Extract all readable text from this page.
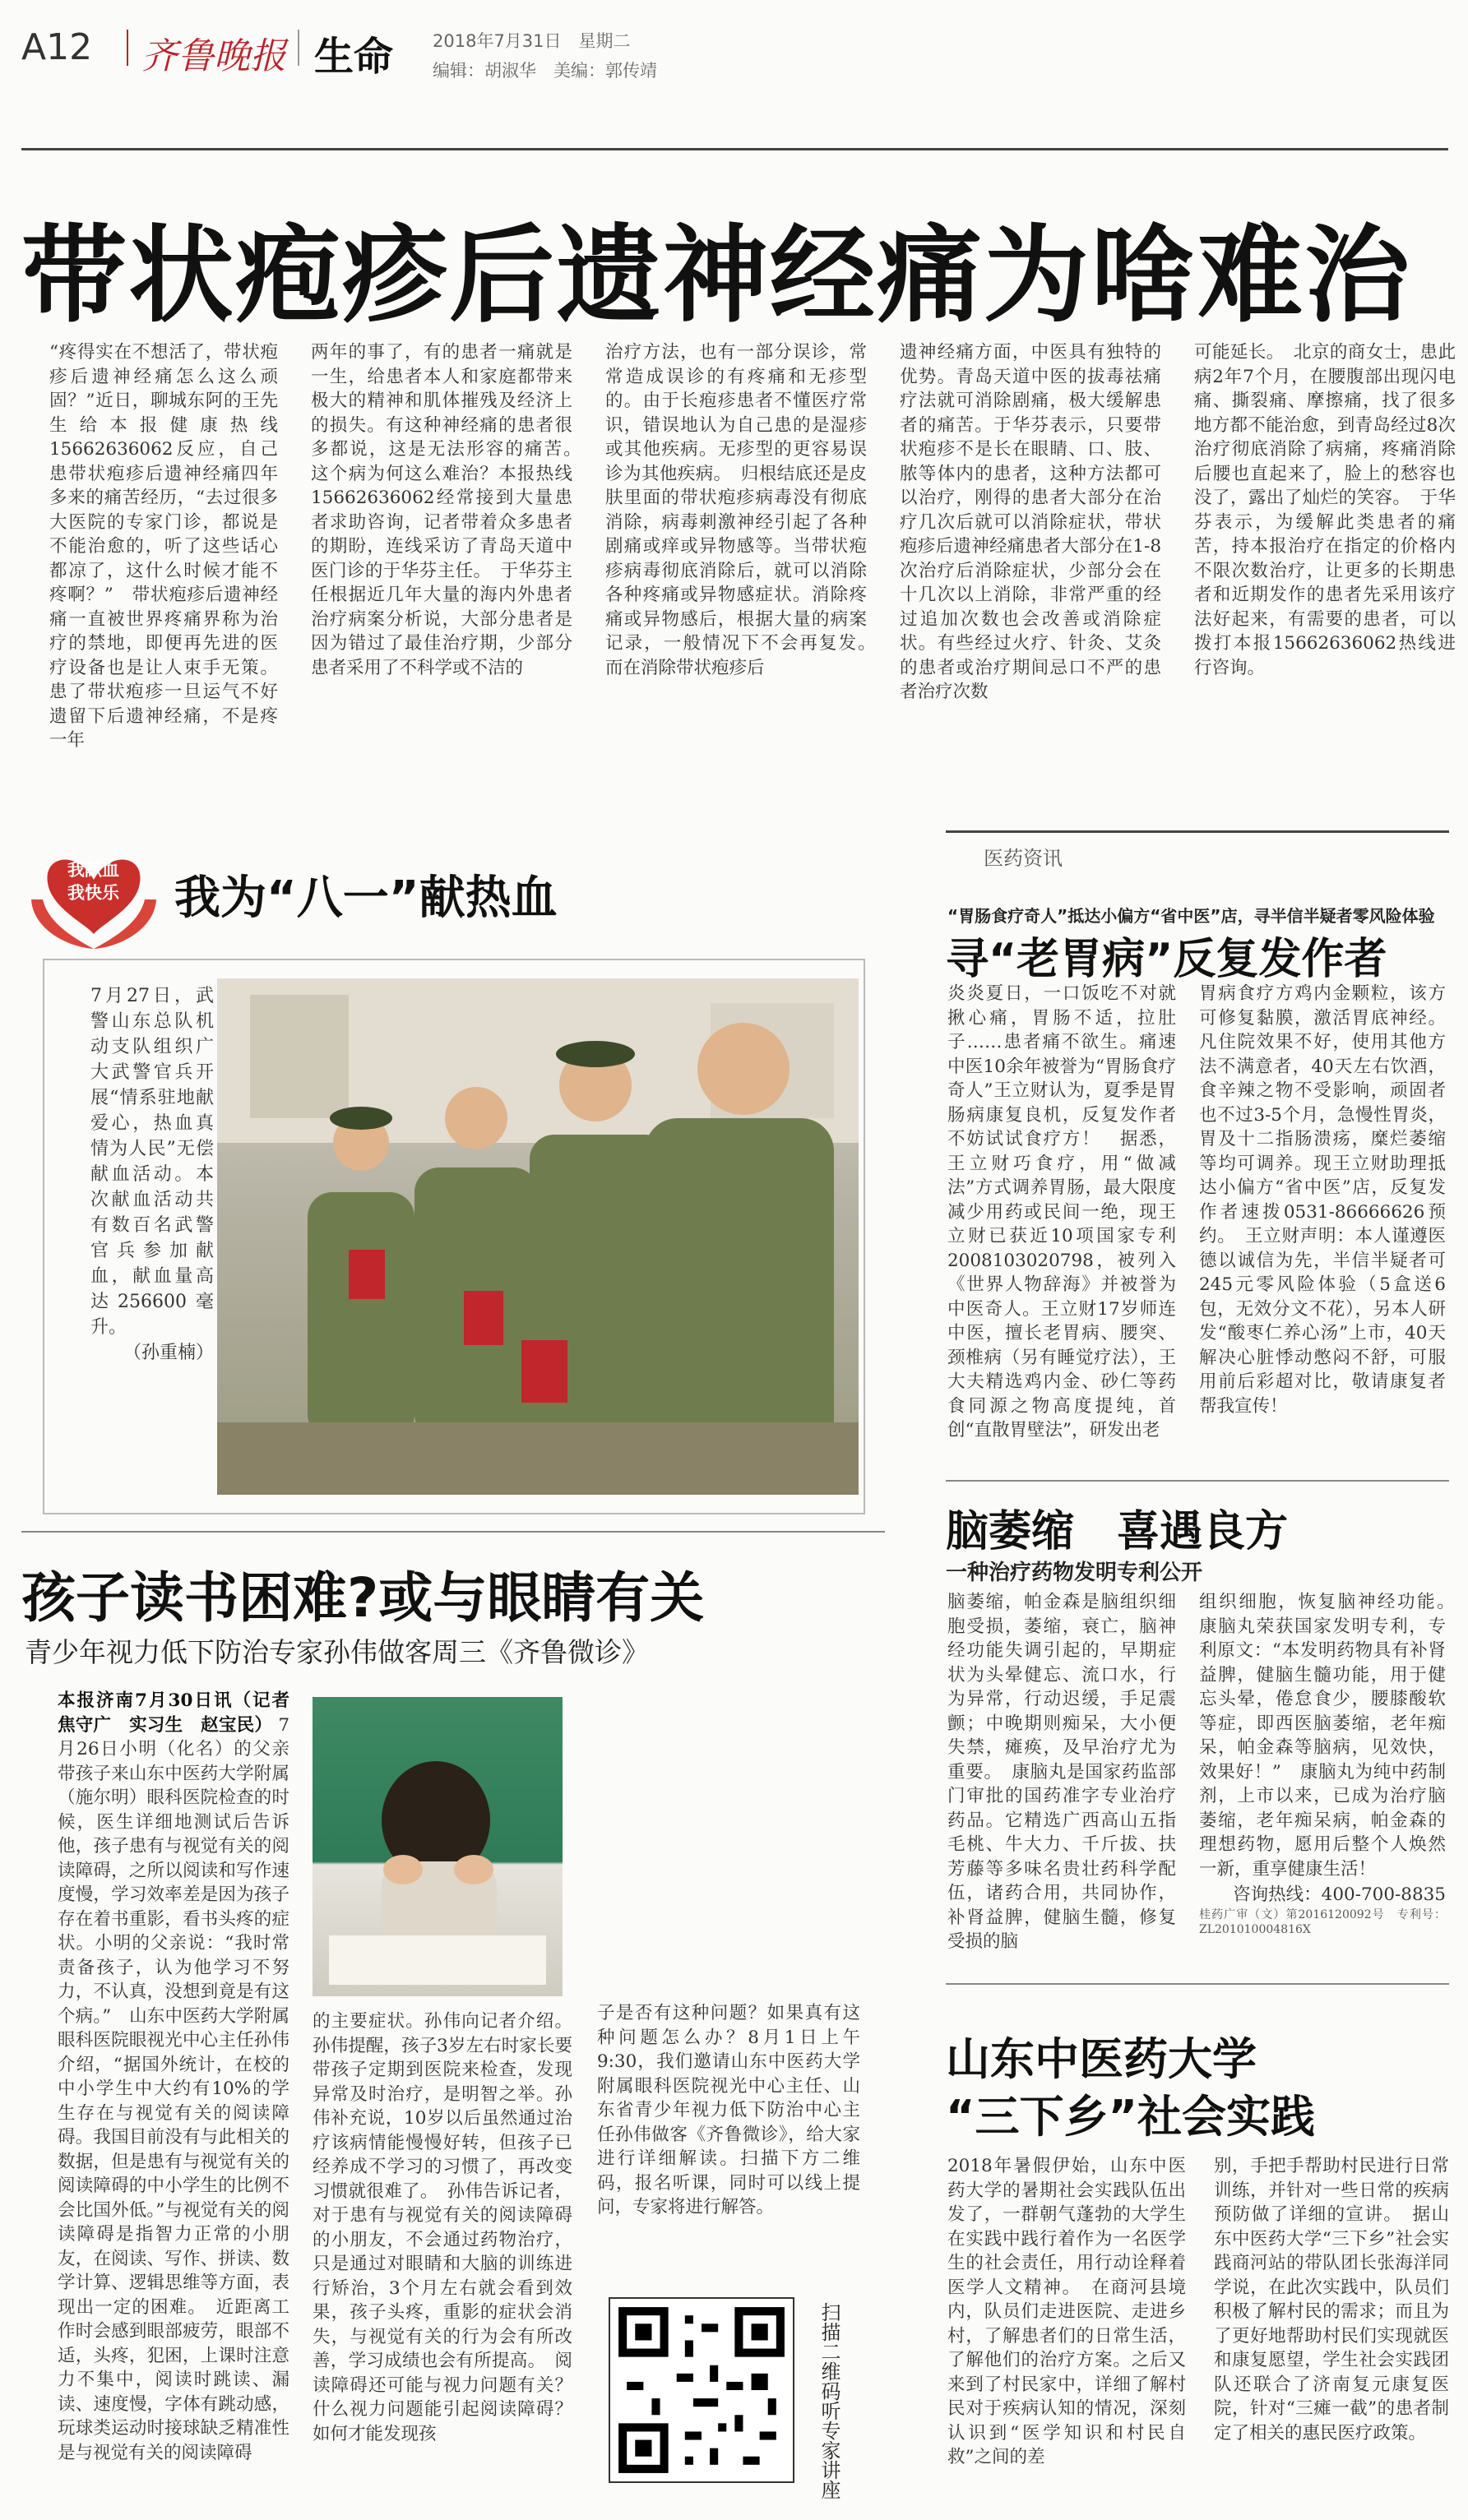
A12 齐鲁晚报 生命 2018年7月31日　星期二
编辑：胡淑华　美编：郭传靖
带状疱疹后遗神经痛为啥难治
“疼得实在不想活了，带状疱疹后遗神经痛怎么这么顽固？”近日，聊城东阿的王先生给本报健康热线15662636062反应，自己患带状疱疹后遗神经痛四年多来的痛苦经历，“去过很多大医院的专家门诊，都说是不能治愈的，听了这些话心都凉了，这什么时候才能不疼啊？”　带状疱疹后遗神经痛一直被世界疼痛界称为治疗的禁地，即便再先进的医疗设备也是让人束手无策。患了带状疱疹一旦运气不好遗留下后遗神经痛，不是疼一年
两年的事了，有的患者一痛就是一生，给患者本人和家庭都带来极大的精神和肌体摧残及经济上的损失。有这种神经痛的患者很多都说，这是无法形容的痛苦。　这个病为何这么难治？本报热线15662636062经常接到大量患者求助咨询，记者带着众多患者的期盼，连线采访了青岛天道中医门诊的于华芬主任。　于华芬主任根据近几年大量的海内外患者治疗病案分析说，大部分患者是因为错过了最佳治疗期，少部分患者采用了不科学或不洁的
治疗方法，也有一部分误诊，常常造成误诊的有疼痛和无疹型的。由于长疱疹患者不懂医疗常识，错误地认为自己患的是湿疹或其他疾病。无疹型的更容易误诊为其他疾病。　归根结底还是皮肤里面的带状疱疹病毒没有彻底消除，病毒刺激神经引起了各种剧痛或痒或异物感等。当带状疱疹病毒彻底消除后，就可以消除各种疼痛或异物感症状。消除疼痛或异物感后，根据大量的病案记录，一般情况下不会再复发。　而在消除带状疱疹后
遗神经痛方面，中医具有独特的优势。青岛天道中医的拔毒祛痛疗法就可消除剧痛，极大缓解患者的痛苦。于华芬表示，只要带状疱疹不是长在眼睛、口、肢、脓等体内的患者，这种方法都可以治疗，刚得的患者大部分在治疗几次后就可以消除症状，带状疱疹后遗神经痛患者大部分在1-8次治疗后消除症状，少部分会在十几次以上消除，非常严重的经过追加次数也会改善或消除症状。有些经过火疗、针灸、艾灸的患者或治疗期间忌口不严的患者治疗次数
可能延长。　北京的商女士，患此病2年7个月，在腰腹部出现闪电痛、撕裂痛、摩擦痛，找了很多地方都不能治愈，到青岛经过8次治疗彻底消除了病痛，疼痛消除后腰也直起来了，脸上的愁容也没了，露出了灿烂的笑容。　于华芬表示，为缓解此类患者的痛苦，持本报治疗在指定的价格内不限次数治疗，让更多的长期患者和近期发作的患者先采用该疗法好起来，有需要的患者，可以拨打本报15662636062热线进行咨询。
我献血
我快乐 我为“八一”献热血
7月27日，武警山东总队机动支队组织广大武警官兵开展“情系驻地献爱心，热血真情为人民”无偿献血活动。本次献血活动共有数百名武警官兵参加献血，献血量高达256600毫升。
（孙重楠）
医药资讯
“胃肠食疗奇人”抵达小偏方“省中医”店，寻半信半疑者零风险体验
寻“老胃病”反复发作者
炎炎夏日，一口饭吃不对就揪心痛，胃肠不适，拉肚子……患者痛不欲生。痛速中医10余年被誉为“胃肠食疗奇人”王立财认为，夏季是胃肠病康复良机，反复发作者不妨试试食疗方！　据悉，王立财巧食疗，用“做减法”方式调养胃肠，最大限度减少用药或民间一绝，现王立财已获近10项国家专利2008103020798，被列入《世界人物辞海》并被誉为中医奇人。王立财17岁师连中医，擅长老胃病、腰突、颈椎病（另有睡觉疗法），王大夫精选鸡内金、砂仁等药食同源之物高度提纯，首创“直散胃壁法”，研发出老
胃病食疗方鸡内金颗粒，该方可修复黏膜，激活胃底神经。凡住院效果不好，使用其他方法不满意者，40天左右饮酒，食辛辣之物不受影响，顽固者也不过3-5个月，急慢性胃炎，胃及十二指肠溃疡，糜烂萎缩等均可调养。现王立财助理抵达小偏方“省中医”店，反复发作者速拨0531-86666626预约。　王立财声明：本人谨遵医德以诚信为先，半信半疑者可245元零风险体验（5盒送6包，无效分文不花），另本人研发“酸枣仁养心汤”上市，40天解决心脏悸动憋闷不舒，可服用前后彩超对比，敬请康复者帮我宣传！
脑萎缩　喜遇良方
一种治疗药物发明专利公开
脑萎缩，帕金森是脑组织细胞受损，萎缩，衰亡，脑神经功能失调引起的，早期症状为头晕健忘、流口水，行为异常，行动迟缓，手足震颤；中晚期则痴呆，大小便失禁，瘫痪，及早治疗尤为重要。　康脑丸是国家药监部门审批的国药准字专业治疗药品。它精选广西高山五指毛桃、牛大力、千斤拔、扶芳藤等多味名贵壮药科学配伍，诸药合用，共同协作，补肾益脾，健脑生髓，修复受损的脑
组织细胞，恢复脑神经功能。　康脑丸荣获国家发明专利，专利原文：“本发明药物具有补肾益脾，健脑生髓功能，用于健忘头晕，倦怠食少，腰膝酸软等症，即西医脑萎缩，老年痴呆，帕金森等脑病，见效快，效果好！”　康脑丸为纯中药制剂，上市以来，已成为治疗脑萎缩，老年痴呆病，帕金森的理想药物，愿用后整个人焕然一新，重享健康生活！
咨询热线：400-700-8835
桂药广审（文）第2016120092号　专利号：ZL201010004816X
孩子读书困难?或与眼睛有关
青少年视力低下防治专家孙伟做客周三《齐鲁微诊》
本报济南7月30日讯（记者 焦守广　实习生　赵宝民） 7月26日小明（化名）的父亲带孩子来山东中医药大学附属（施尔明）眼科医院检查的时候，医生详细地测试后告诉他，孩子患有与视觉有关的阅读障碍，之所以阅读和写作速度慢，学习效率差是因为孩子存在着书重影，看书头疼的症状。小明的父亲说：“我时常责备孩子，认为他学习不努力，不认真，没想到竟是有这个病。”　山东中医药大学附属眼科医院眼视光中心主任孙伟介绍，“据国外统计，在校的中小学生中大约有10%的学生存在与视觉有关的阅读障碍。我国目前没有与此相关的数据，但是患有与视觉有关的阅读障碍的中小学生的比例不会比国外低。”与视觉有关的阅读障碍是指智力正常的小朋友，在阅读、写作、拼读、数学计算、逻辑思维等方面，表现出一定的困难。　近距离工作时会感到眼部疲劳，眼部不适，头疼，犯困，上课时注意力不集中，阅读时跳读、漏读、速度慢，字体有跳动感，玩球类运动时接球缺乏精准性是与视觉有关的阅读障碍
的主要症状。孙伟向记者介绍。孙伟提醒，孩子3岁左右时家长要带孩子定期到医院来检查，发现异常及时治疗，是明智之举。孙伟补充说，10岁以后虽然通过治疗该病情能慢慢好转，但孩子已经养成不学习的习惯了，再改变习惯就很难了。　孙伟告诉记者，对于患有与视觉有关的阅读障碍的小朋友，不会通过药物治疗，只是通过对眼睛和大脑的训练进行矫治，3个月左右就会看到效果，孩子头疼，重影的症状会消失，与视觉有关的行为会有所改善，学习成绩也会有所提高。　阅读障碍还可能与视力问题有关？什么视力问题能引起阅读障碍？如何才能发现孩
子是否有这种问题？如果真有这种问题怎么办？8月1日上午9:30，我们邀请山东中医药大学附属眼科医院视光中心主任、山东省青少年视力低下防治中心主任孙伟做客《齐鲁微诊》，给大家进行详细解读。扫描下方二维码，报名听课，同时可以线上提问，专家将进行解答。
扫描二维码听专家讲座
山东中医药大学
“三下乡”社会实践
2018年暑假伊始，山东中医药大学的暑期社会实践队伍出发了，一群朝气蓬勃的大学生在实践中践行着作为一名医学生的社会责任，用行动诠释着医学人文精神。　在商河县境内，队员们走进医院、走进乡村，了解患者们的日常生活，了解他们的治疗方案。之后又来到了村民家中，详细了解村民对于疾病认知的情况，深刻认识到“医学知识和村民自救”之间的差
别，手把手帮助村民进行日常训练，并针对一些日常的疾病预防做了详细的宣讲。　据山东中医药大学“三下乡”社会实践商河站的带队团长张海洋同学说，在此次实践中，队员们积极了解村民的需求；而且为了更好地帮助村民们实现就医和康复愿望，学生社会实践团队还联合了济南复元康复医院，针对“三瘫一截”的患者制定了相关的惠民医疗政策。
